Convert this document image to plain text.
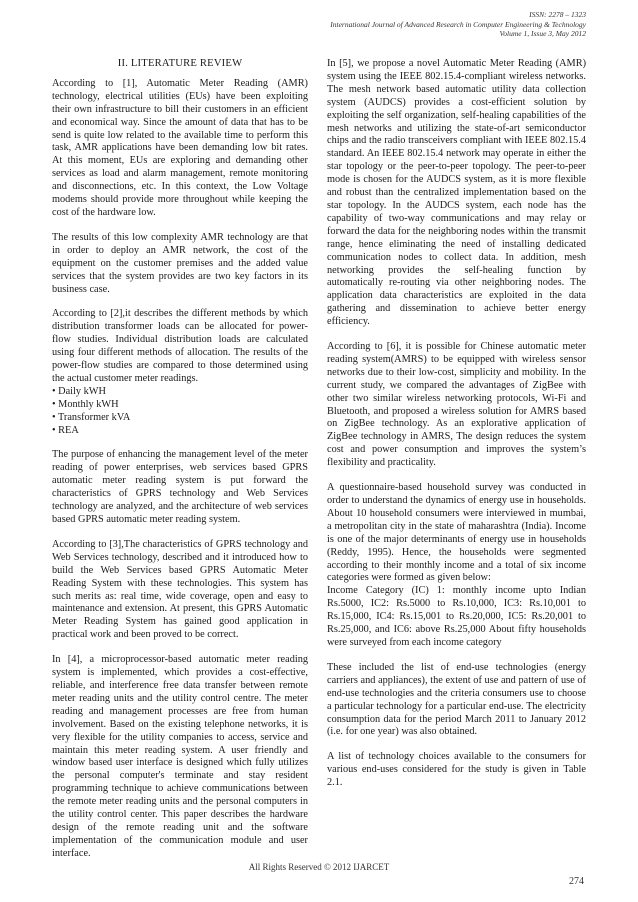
ISSN: 2278 – 1323
International Journal of Advanced Research in Computer Engineering & Technology
Volume 1, Issue 3, May 2012
II. LITERATURE REVIEW

According to [1], Automatic Meter Reading (AMR) technology, electrical utilities (EUs) have been exploiting their own infrastructure to bill their customers in an efficient and economical way. Since the amount of data that has to be send is quite low related to the available time to perform this task, AMR applications have been demanding low bit rates. At this moment, EUs are exploring and demanding other services as load and alarm management, remote monitoring and disconnections, etc. In this context, the Low Voltage modems should provide more throughout while keeping the cost of the hardware low.

The results of this low complexity AMR technology are that in order to deploy an AMR network, the cost of the equipment on the customer premises and the added value services that the system provides are two key factors in its business case.

According to [2],it describes the different methods by which distribution transformer loads can be allocated for power-flow studies. Individual distribution loads are calculated using four different methods of allocation. The results of the power-flow studies are compared to those determined using the actual customer meter readings.

• Daily kWH
• Monthly kWH
• Transformer kVA
• REA

The purpose of enhancing the management level of the meter reading of power enterprises, web services based GPRS automatic meter reading system is put forward the characteristics of GPRS technology and Web Services technology are analyzed, and the architecture of web services based GPRS automatic meter reading system.

According to [3],The characteristics of GPRS technology and Web Services technology, described and it introduced how to build the Web Services based GPRS Automatic Meter Reading System with these technologies. This system has such merits as: real time, wide coverage, open and easy to maintenance and extension. At present, this GPRS Automatic Meter Reading System has gained good application in practical work and been proved to be correct.

In [4], a microprocessor-based automatic meter reading system is implemented, which provides a cost-effective, reliable, and interference free data transfer between remote meter reading units and the utility control centre. The meter reading and management processes are free from human involvement. Based on the existing telephone networks, it is very flexible for the utility companies to access, service and maintain this meter reading system. A user friendly and window based user interface is designed which fully utilizes the personal computer's terminate and stay resident programming technique to achieve communications between the remote meter reading units and the personal computers in the utility control center. This paper describes the hardware design of the remote reading unit and the software implementation of the communication module and user interface.

In [5], we propose a novel Automatic Meter Reading (AMR) system using the IEEE 802.15.4-compliant wireless networks. The mesh network based automatic utility data collection system (AUDCS) provides a cost-efficient solution by exploiting the self organization, self-healing capabilities of the mesh networks and utilizing the state-of-art semiconductor chips and the radio transceivers compliant with IEEE 802.15.4 standard. An IEEE 802.15.4 network may operate in either the star topology or the peer-to-peer topology. The peer-to-peer mode is chosen for the AUDCS system, as it is more flexible and robust than the centralized implementation based on the star topology. In the AUDCS system, each node has the capability of two-way communications and may relay or forward the data for the neighboring nodes within the transmit range, hence eliminating the need of installing dedicated communication nodes to collect data. In addition, mesh networking provides the self-healing function by automatically re-routing via other neighboring nodes. The application data characteristics are exploited in the data gathering and dissemination to achieve better energy efficiency.

According to [6], it is possible for Chinese automatic meter reading system(AMRS) to be equipped with wireless sensor networks due to their low-cost, simplicity and mobility. In the current study, we compared the advantages of ZigBee with other two similar wireless networking protocols, Wi-Fi and Bluetooth, and proposed a wireless solution for AMRS based on ZigBee technology. As an explorative application of ZigBee technology in AMRS, The design reduces the system cost and power consumption and improves the system’s flexibility and practicality.

A questionnaire-based household survey was conducted in order to understand the dynamics of energy use in households. About 10 household consumers were interviewed in mumbai, a metropolitan city in the state of maharashtra (India). Income is one of the major determinants of energy use in households (Reddy, 1995). Hence, the households were segmented according to their monthly income and a total of six income categories were formed as given below:

Income Category (IC) 1: monthly income upto Indian Rs.5000, IC2: Rs.5000 to Rs.10,000, IC3: Rs.10,001 to Rs.15,000, IC4: Rs.15,001 to Rs.20,000, IC5: Rs.20,001 to Rs.25,000, and IC6: above Rs.25,000 About fifty households were surveyed from each income category

These included the list of end-use technologies (energy carriers and appliances), the extent of use and pattern of use of end-use technologies and the criteria consumers use to choose a particular technology for a particular end-use. The electricity consumption data for the period March 2011 to January 2012 (i.e. for one year) was also obtained.

A list of technology choices available to the consumers for various end-uses considered for the study is given in Table 2.1.

All Rights Reserved © 2012 IJARCET
274
